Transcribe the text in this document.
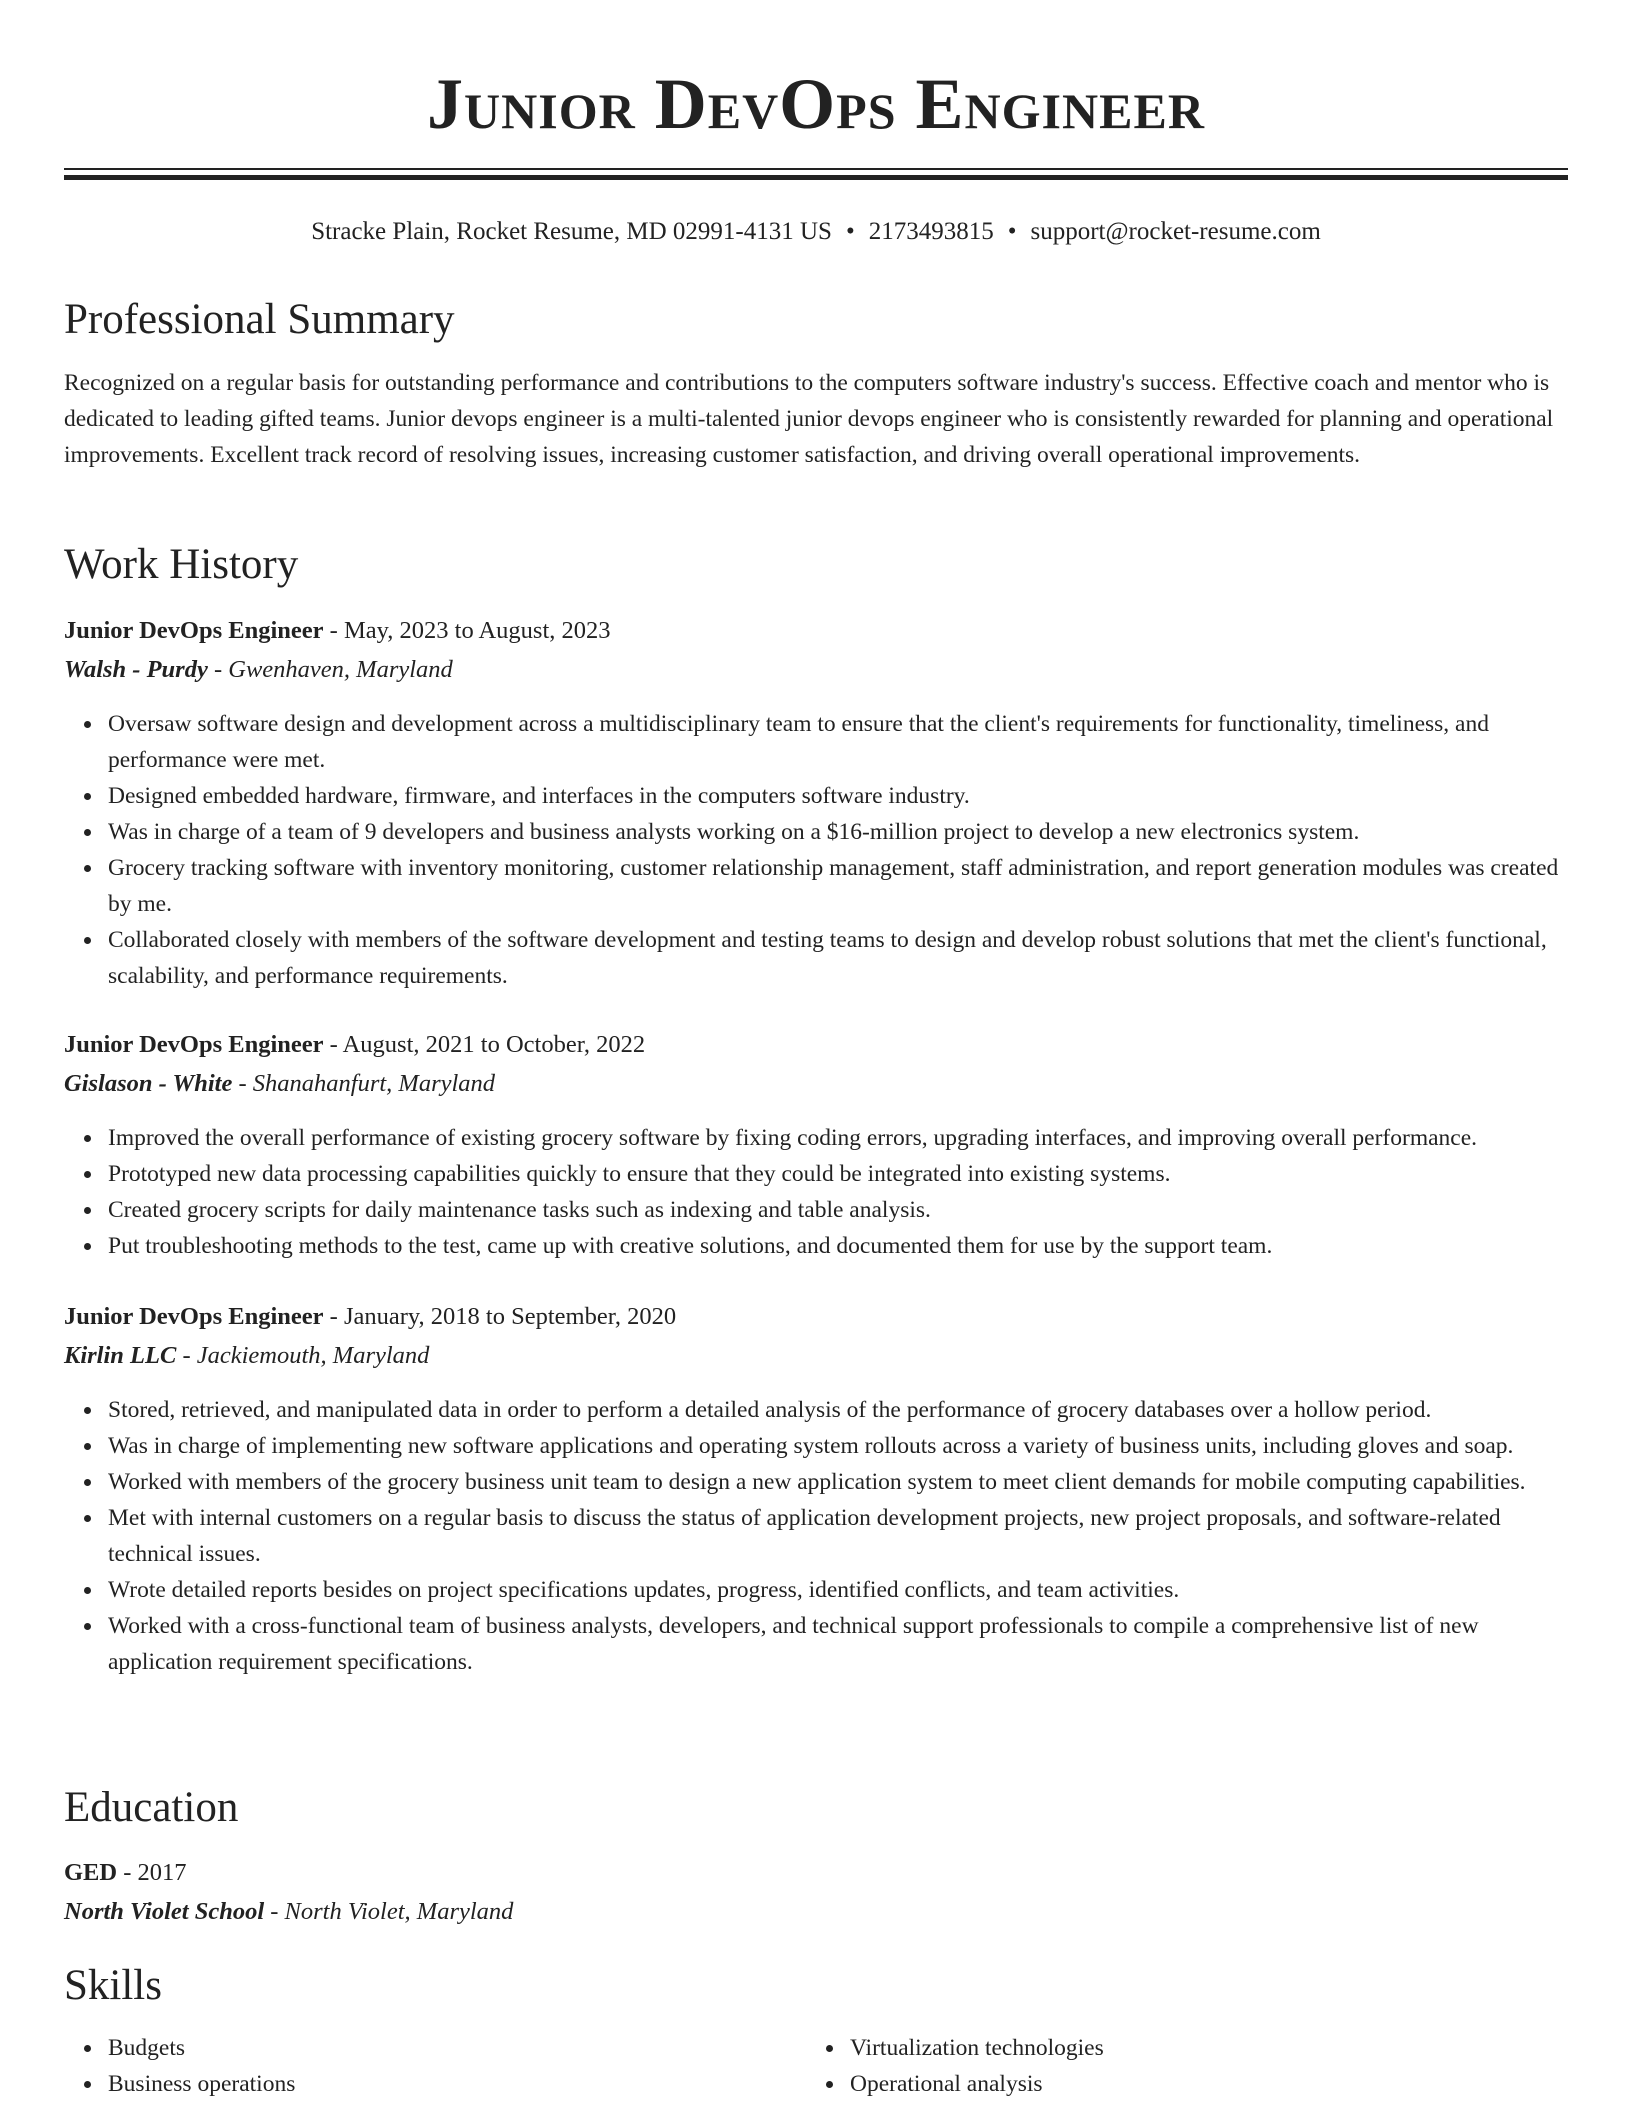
Junior DevOps Engineer
Stracke Plain, Rocket Resume, MD 02991-4131 US • 2173493815 • support@rocket-resume.com
Professional Summary

Recognized on a regular basis for outstanding performance and contributions to the computers software industry's success. Effective coach and mentor who is dedicated to leading gifted teams. Junior devops engineer is a multi-talented junior devops engineer who is consistently rewarded for planning and operational improvements. Excellent track record of resolving issues, increasing customer satisfaction, and driving overall operational improvements.

Work History
Junior DevOps Engineer - May, 2023 to August, 2023
Walsh - Purdy - Gwenhaven, Maryland
Oversaw software design and development across a multidisciplinary team to ensure that the client's requirements for functionality, timeliness, and performance were met.
Designed embedded hardware, firmware, and interfaces in the computers software industry.
Was in charge of a team of 9 developers and business analysts working on a $16-million project to develop a new electronics system.
Grocery tracking software with inventory monitoring, customer relationship management, staff administration, and report generation modules was created by me.
Collaborated closely with members of the software development and testing teams to design and develop robust solutions that met the client's functional, scalability, and performance requirements.
Junior DevOps Engineer - August, 2021 to October, 2022
Gislason - White - Shanahanfurt, Maryland
Improved the overall performance of existing grocery software by fixing coding errors, upgrading interfaces, and improving overall performance.
Prototyped new data processing capabilities quickly to ensure that they could be integrated into existing systems.
Created grocery scripts for daily maintenance tasks such as indexing and table analysis.
Put troubleshooting methods to the test, came up with creative solutions, and documented them for use by the support team.
Junior DevOps Engineer - January, 2018 to September, 2020
Kirlin LLC - Jackiemouth, Maryland
Stored, retrieved, and manipulated data in order to perform a detailed analysis of the performance of grocery databases over a hollow period.
Was in charge of implementing new software applications and operating system rollouts across a variety of business units, including gloves and soap.
Worked with members of the grocery business unit team to design a new application system to meet client demands for mobile computing capabilities.
Met with internal customers on a regular basis to discuss the status of application development projects, new project proposals, and software-related technical issues.
Wrote detailed reports besides on project specifications updates, progress, identified conflicts, and team activities.
Worked with a cross-functional team of business analysts, developers, and technical support professionals to compile a comprehensive list of new application requirement specifications.
Education
GED - 2017
North Violet School - North Violet, Maryland
Skills
Budgets
Business operations
Virtualization technologies
Operational analysis
